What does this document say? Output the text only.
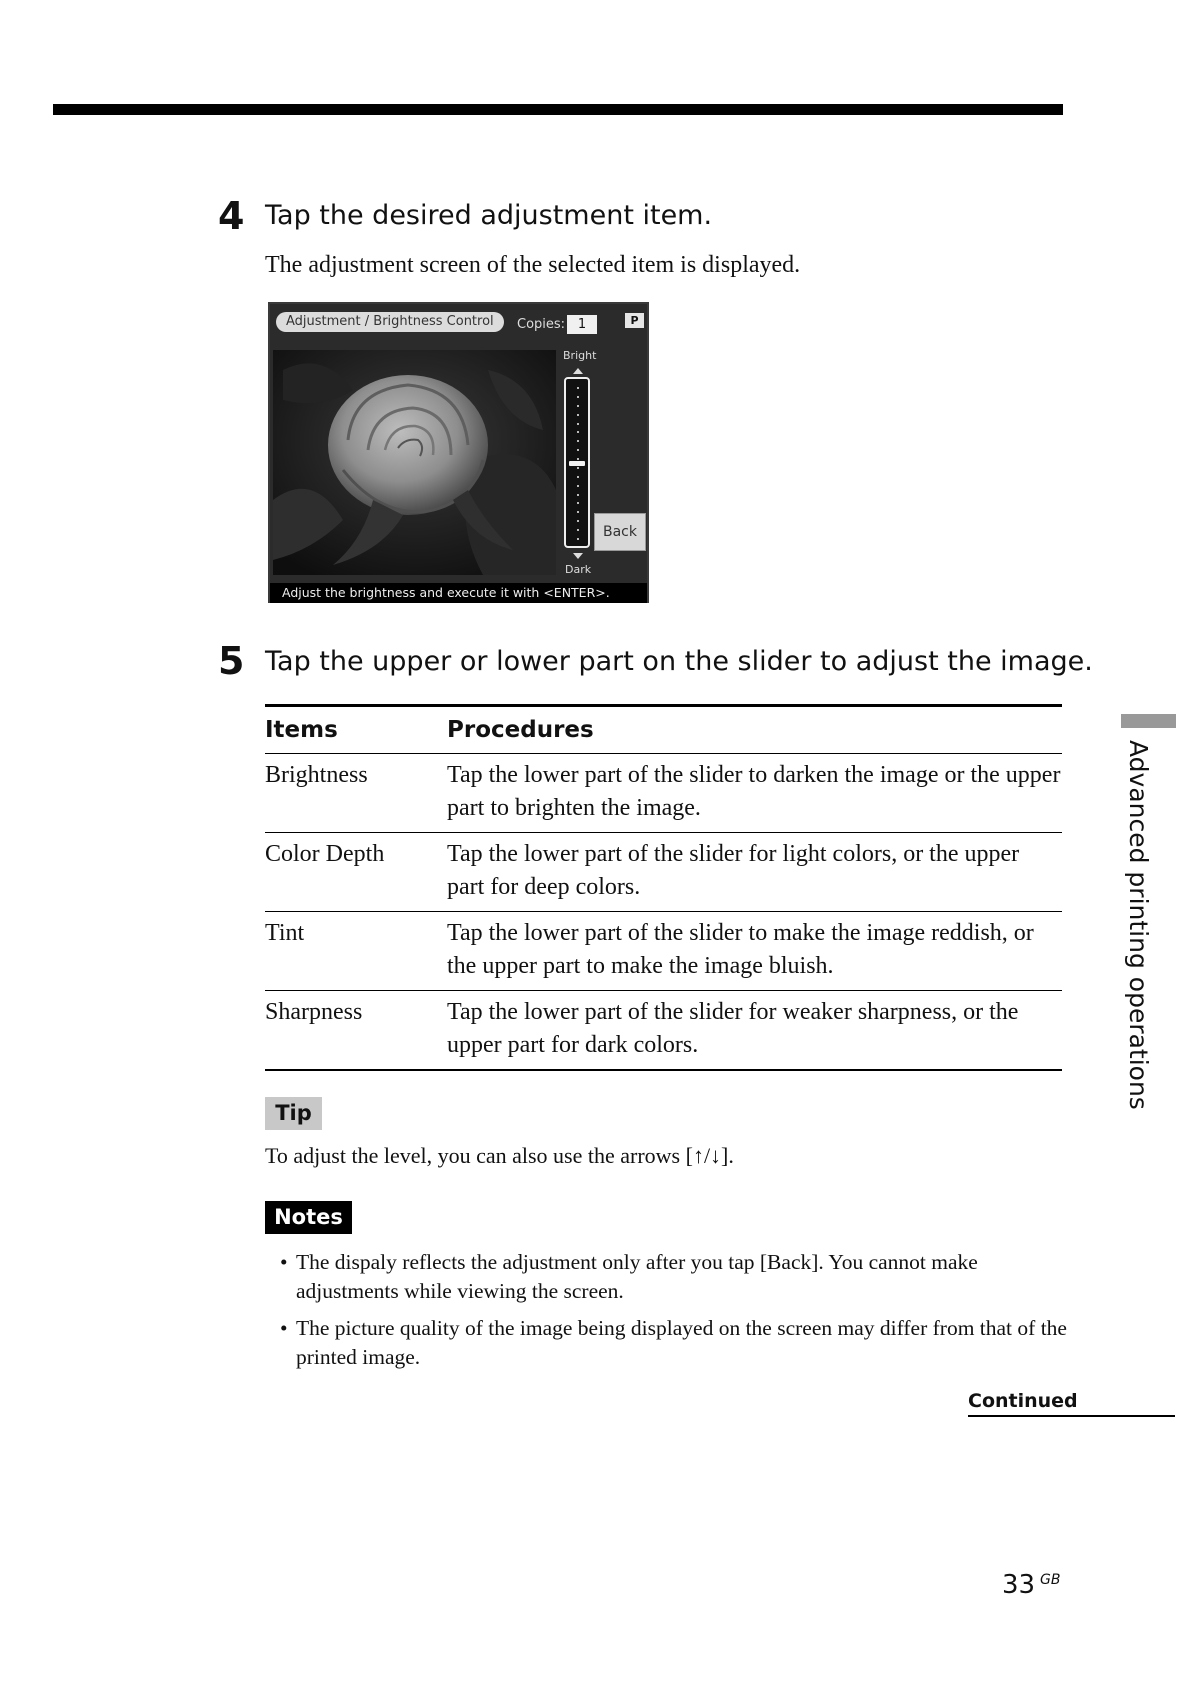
4 Tap the desired adjustment item.
The adjustment screen of the selected item is displayed.
Adjustment / Brightness Control	Copies: 1	P
Bright
Dark
Back
Adjust the brightness and execute it with <ENTER>.
5 Tap the upper or lower part on the slider to adjust the image.
Items	Procedures
Brightness	Tap the lower part of the slider to darken the image or the upper part to brighten the image.
Color Depth	Tap the lower part of the slider for light colors, or the upper part for deep colors.
Tint	Tap the lower part of the slider to make the image reddish, or the upper part to make the image bluish.
Sharpness	Tap the lower part of the slider for weaker sharpness, or the upper part for dark colors.
Tip
To adjust the level, you can also use the arrows [↑/↓].
Notes
• The dispaly reflects the adjustment only after you tap [Back]. You cannot make adjustments while viewing the screen.
• The picture quality of the image being displayed on the screen may differ from that of the printed image.
Advanced printing operations
Continued
33 GB
